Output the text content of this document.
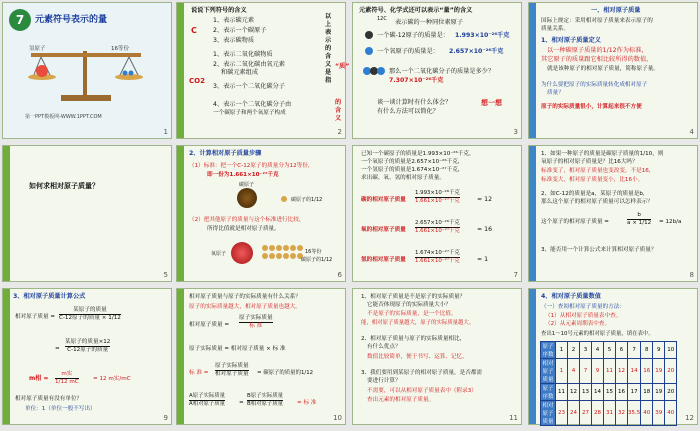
7	元素符号表示的量
氢原子	16等份
第一PPT模板网-WWW.1PPT.COM
1
说说下列符号的含义
C
1、表示碳元素
2、表示一个碳原子
3、表示碳物质
CO2
1、表示二氧化碳物质
2、表示二氧化碳由氧元素
和碳元素组成
3、表示一个二氧化碳分子
4、表示一个二氧化碳分子由
一个碳原子和两个氧原子构成
以上表示的含义是指
“质”
的含义
2
元素符号、化学式还可以表示“量”的含义
12C 表示碳的一种同位素原子
一个碳-12原子的质量是： 1.993×10⁻²⁶千克
一个氧原子的质量是： 2.657×10⁻²⁶千克
那么一个二氧化碳分子的质量是多少？
7.307×10⁻²⁶千克
谈一谈计算时有什么体会？
有什么方法可以简化？
想一想
3
一、相对原子质量
国际上规定：采用相对原子质量来表示原子的
质量关系。
1、相对原子质量定义
以一种碳原子质量的1/12作为标准，
其它原子的质量跟它相比较所得的数值，
就是该种原子的相对原子质量，简称原子量。
为什么要把原子的实际质量转化成相对原子
质量？
原子的实际质量很小，计算起来很不方便
4
如何求相对原子质量？
5
2、计算相对原子质量步骤
（1）标准：把一个C-12原子的质量分为12等份，
即一份为1.661×10⁻²⁷千克
碳原子
碳原子的1/12
（2）把其他原子的质量与这个标准进行比较，
所得比值就是相对原子质量。
氧原子	16等份
碳原子的1/12
6
已知一个碳原子的质量是1.993×10⁻²⁶千克，
一个氧原子的质量是2.657×10⁻²⁶千克，
一个氢原子的质量是1.674×10⁻²⁷千克，
求出碳、氧、氢的相对原子质量。
碳的相对原子质量
1.993×10⁻²⁶千克
1.661×10⁻²⁷千克	≈ 12
氧的相对原子质量
2.657×10⁻²⁶千克
1.661×10⁻²⁷千克	≈ 16
氢的相对原子质量
1.674×10⁻²⁷千克
1.661×10⁻²⁷千克	≈ 1
7
1、如果一种原子的质量是碳原子质量的1/10，则
氧原子的相对原子质量是？比16大吗？
标准变了，相对原子质量也变改变。不是16，
标准变大，相对原子质量变小，比16小。
2、如C-12的质量是a，某原子的质量是b，
那么这个原子的相对原子质量可以怎样表示？
这个原子的相对原子质量 =	$\frac{b}{a \times 1/12} = 12b/a$
3、能否用一个计算公式来计算相对原子质量？
8
3、相对原子质量计算公式
相对原子质量 =
某原子的质量
C-12原子的质量 × 1/12
=
某原子的质量×12
C-12原子的质量
m相 =
m实
1/12 mC	= 12 m实/mC
相对原子质量有没有单位？
单位：1（单位一般不写出）
9
相对原子质量与原子的实际质量有什么关系？
原子的实际质量越大，相对原子质量也越大。
相对原子质量 =
原子实际质量
标 准
原子实际质量 = 相对原子质量 × 标 准
标 准 =
原子实际质量
相对原子质量 = 碳原子的质量的1/12
A原子实际质量
A相对原子质量 =
B原子实际质量
B相对原子质量 = 标 准
10
1、相对原子质量是不是原子的实际质量？
它能否体现原子的实际质量大小？
不是原子的实际质量，是一个比值。
能，相对原子质量越大，原子的实际质量越大。
2、相对原子质量与原子的实际质量相比，
有什么优点？
数值比较简单，便于书写、运算、记忆。
3、我们要用到某原子的相对原子质量，是否都需
要进行计算？
不需要，可以从相对原子质量表中（附录3）
查出元素的相对原子质量。
11
4、相对原子质量数值
（一）查阅相对原子质量的方法：
（1）从相对原子质量表中查。
（2）从元素周期表中查。
查出1～10号元素的相对原子质量，填在表中。
原子序数	1	2	3	4	5	6	7	8	9	10
相对原子质量	1	4	7	9	11	12	14	16	19	20
原子序数	11	12	13	14	15	16	17	18	19	20
相对原子质量	23	24	27	28	31	32	35.5	40	39	40
12
